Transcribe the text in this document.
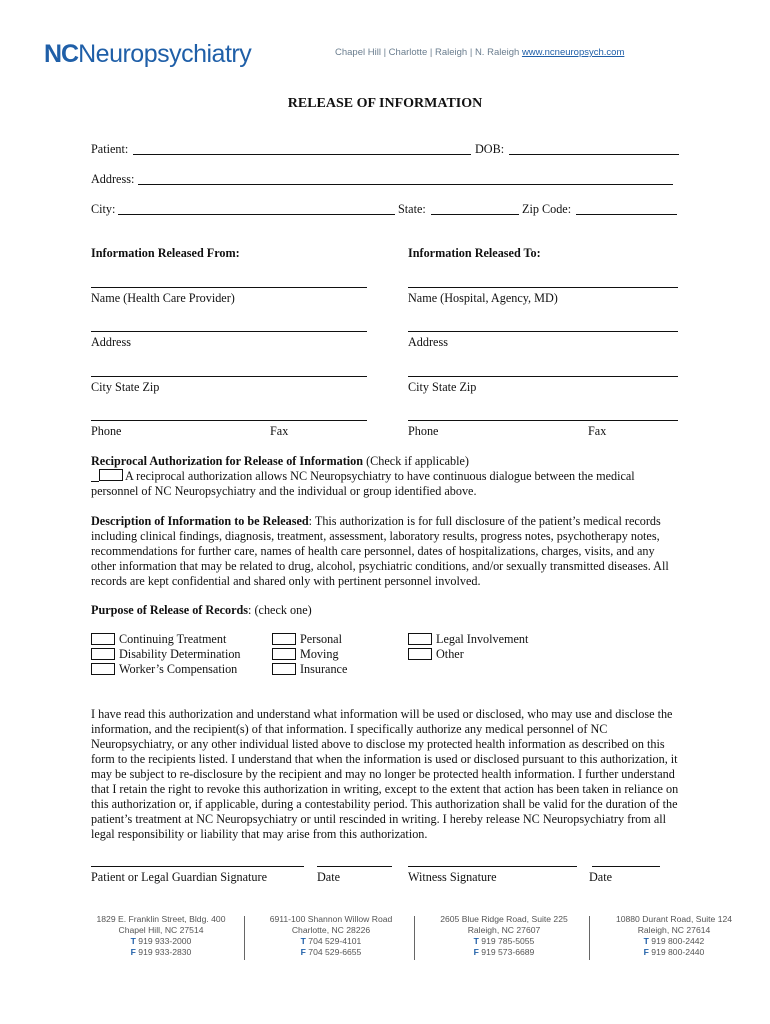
NCNeuropsychiatry	Chapel Hill | Charlotte | Raleigh | N. Raleigh www.ncneuropsych.com
RELEASE OF INFORMATION
Patient:	DOB:
Address:
City:	State:	Zip Code:
Information Released From:	Information Released To:
Name (Health Care Provider)	Name (Hospital, Agency, MD)
Address	Address
City State Zip	City State Zip
Phone	Fax	Phone	Fax
Reciprocal Authorization for Release of Information (Check if applicable)
A reciprocal authorization allows NC Neuropsychiatry to have continuous dialogue between the medical
personnel of NC Neuropsychiatry and the individual or group identified above.
Description of Information to be Released: This authorization is for full disclosure of the patient’s medical records including clinical findings, diagnosis, treatment, assessment, laboratory results, progress notes, psychotherapy notes, recommendations for further care, names of health care personnel, dates of hospitalizations, charges, visits, and any other information that may be related to drug, alcohol, psychiatric conditions, and/or sexually transmitted diseases. All records are kept confidential and shared only with pertinent personnel involved.
Purpose of Release of Records: (check one)
Continuing Treatment
Disability Determination
Worker’s Compensation
Personal
Moving
Insurance
Legal Involvement
Other
I have read this authorization and understand what information will be used or disclosed, who may use and disclose the information, and the recipient(s) of that information. I specifically authorize any medical personnel of NC Neuropsychiatry, or any other individual listed above to disclose my protected health information as described on this form to the recipients listed. I understand that when the information is used or disclosed pursuant to this authorization, it may be subject to re-disclosure by the recipient and may no longer be protected health information. I further understand that I retain the right to revoke this authorization in writing, except to the extent that action has been taken in reliance on this authorization or, if applicable, during a contestability period. This authorization shall be valid for the duration of the patient’s treatment at NC Neuropsychiatry or until rescinded in writing. I hereby release NC Neuropsychiatry from all legal responsibility or liability that may arise from this authorization.
Patient or Legal Guardian Signature	Date	Witness Signature	Date
1829 E. Franklin Street, Bldg. 400
Chapel Hill, NC 27514
T 919 933-2000
F 919 933-2830
6911-100 Shannon Willow Road
Charlotte, NC 28226
T 704 529-4101
F 704 529-6655
2605 Blue Ridge Road, Suite 225
Raleigh, NC 27607
T 919 785-5055
F 919 573-6689
10880 Durant Road, Suite 124
Raleigh, NC 27614
T 919 800-2442
F 919 800-2440
